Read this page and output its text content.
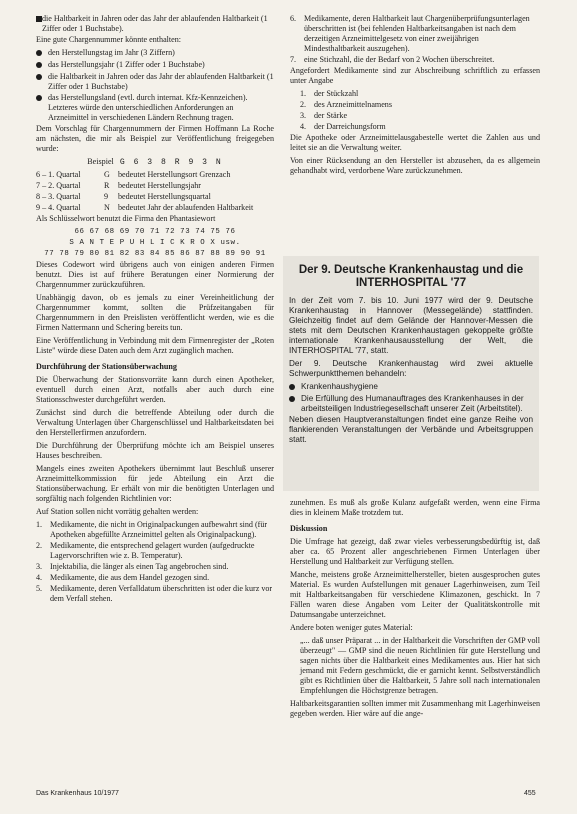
die Haltbarkeit in Jahren oder das Jahr der ablaufenden Haltbarkeit (1 Ziffer oder 1 Buchstabe).

Eine gute Chargennummer könnte enthalten:

den Herstellungstag im Jahr (3 Ziffern)
das Herstellungsjahr (1 Ziffer oder 1 Buchstabe)
die Haltbarkeit in Jahren oder das Jahr der ablaufenden Haltbarkeit (1 Ziffer oder 1 Buchstabe)
das Herstellungsland (evtl. durch internat. Kfz-Kennzeichen). Letzteres würde den unterschiedlichen Anforderungen an Arzneimittel in verschiedenen Ländern Rechnung tragen.

Dem Vorschlag für Chargennummern der Firmen Hoffmann La Roche am nächsten, die mir als Beispiel zur Veröffentlichung freigegeben wurde:

Beispiel G 6 3 8 R 9 3 N
6 – 1. Quartal	G	bedeutet Herstellungsort Grenzach
7 – 2. Quartal	R	bedeutet Herstellungsjahr
8 – 3. Quartal	9	bedeutet Herstellungsquartal
9 – 4. Quartal	N	bedeutet Jahr der ablaufenden Haltbarkeit

Als Schlüsselwort benutzt die Firma den Phantasiewort

66 67 68 69 70 71 72 73 74 75 76
S A N T E P U H L I C K R O X usw.
77 78 79 80 81 82 83 84 85 86 87 88 89 90 91

Dieses Codewort wird übrigens auch von einigen anderen Firmen benutzt. Dies ist auf frühere Beratungen einer Normierung der Chargennummer zurückzuführen.

Unabhängig davon, ob es jemals zu einer Vereinheitlichung der Chargennummer kommt, sollten die Prüfzeitangaben für Chargennummern in den Preislisten veröffentlicht werden, wie es die Firmen Nattermann und Schering bereits tun.

Eine Veröffentlichung in Verbindung mit dem Firmenregister der „Roten Liste" würde diese Daten auch dem Arzt zugänglich machen.

Durchführung der Stationsüberwachung

Die Überwachung der Stationsvorräte kann durch einen Apotheker, eventuell durch einen Arzt, notfalls aber auch durch eine Stationsschwester durchgeführt werden.

Zunächst sind durch die betreffende Abteilung oder durch die Verwaltung Unterlagen über Chargenschlüssel und Haltbarkeitsdaten bei den Herstellerfirmen anzufordern.

Die Durchführung der Überprüfung möchte ich am Beispiel unseres Hauses beschreiben.

Mangels eines zweiten Apothekers übernimmt laut Beschluß unserer Arzneimittelkommission für jede Abteilung ein Arzt die Stationsüberwachung. Er erhält von mir die benötigten Unterlagen und sorgfältig nach folgenden Richtlinien vor:

Auf Station sollen nicht vorrätig gehalten werden:

1. Medikamente, die nicht in Originalpackungen aufbewahrt sind (für Apotheken abgefüllte Arzneimittel gelten als Originalpackung).
2. Medikamente, die entsprechend gelagert wurden (aufgedruckte Lagervorschriften wie z. B. Temperatur).
3. Injektabilia, die länger als einen Tag angebrochen sind.
4. Medikamente, die aus dem Handel gezogen sind.
5. Medikamente, deren Verfalldatum überschritten ist oder die kurz vor dem Verfall stehen.
6. Medikamente, deren Haltbarkeit laut Chargenüberprüfungsunterlagen überschritten ist (bei fehlenden Haltbarkeitsangaben ist nach dem derzeitigen Arzneimittelgesetz von einer zweijährigen Mindesthaltbarkeit auszugehen).
7. eine Stichzahl, die der Bedarf von 2 Wochen überschreitet.

Angefordert Medikamente sind zur Abschreibung schriftlich zu erfassen unter Angabe

1. der Stückzahl
2. des Arzneimittelnamens
3. der Stärke
4. der Darreichungsform

Die Apotheke oder Arzneimittelausgabestelle wertet die Zahlen aus und leitet sie an die Verwaltung weiter.

Von einer Rücksendung an den Hersteller ist abzusehen, da es allgemein gehandhabt wird, verdorbene Ware zurückzunehmen.

Der 9. Deutsche Krankenhaustag und die INTERHOSPITAL '77

In der Zeit vom 7. bis 10. Juni 1977 wird der 9. Deutsche Krankenhaustag in Hannover (Messegelände) stattfinden. Gleichzeitig findet auf dem Gelände der Hannover-Messen die stets mit dem Deutschen Krankenhaustagen gekoppelte größte internationale Krankenhausausstellung der Welt, die INTERHOSPITAL '77, statt.

Der 9. Deutsche Krankenhaustag wird zwei aktuelle Schwerpunktthemen behandeln:

Krankenhaushygiene
Die Erfüllung des Humanauftrages des Krankenhauses in der arbeitsteiligen Industriegesellschaft unserer Zeit (Arbeitstitel).

Neben diesen Hauptveranstaltungen findet eine ganze Reihe von flankierenden Veranstaltungen der Verbände und Arbeitsgruppen statt.

zunehmen. Es muß als große Kulanz aufgefaßt werden, wenn eine Firma dies in kleinem Maße trotzdem tut.

Diskussion

Die Umfrage hat gezeigt, daß zwar vieles verbesserungsbedürftig ist, daß aber ca. 65 Prozent aller angeschriebenen Firmen Unterlagen über Herstellung und Haltbarkeit zur Verfügung stellen.

Manche, meistens große Arzneimittelhersteller, bieten ausgesprochen gutes Material. Es wurden Aufstellungen mit genauer Lagerhinweisen, zum Teil mit Haltbarkeitsangaben für verschiedene Klimazonen, geschickt. In 7 Fällen waren diese Angaben vom Leiter der Qualitätskontrolle mit Datumsangabe unterzeichnet.

Andere boten weniger gutes Material:

„... daß unser Präparat ... in der Haltbarkeit die Vorschriften der GMP voll überzeugt" — GMP sind die neuen Richtlinien für gute Herstellung und sagen nichts über die Haltbarkeit eines Medikamentes aus. Hier hat sich jemand mit Federn geschmückt, die er garnicht kennt. Selbstverständlich gibt es Richtlinien über die Haltbarkeit, 5 Jahre soll nach internationalen Empfehlungen die Höchstgrenze betragen.

Haltbarkeitsgarantien sollten immer mit Zusammenhang mit Lagerhinweisen gegeben werden. Hier wäre auf die ange-

Das Krankenhaus 10/1977	455
